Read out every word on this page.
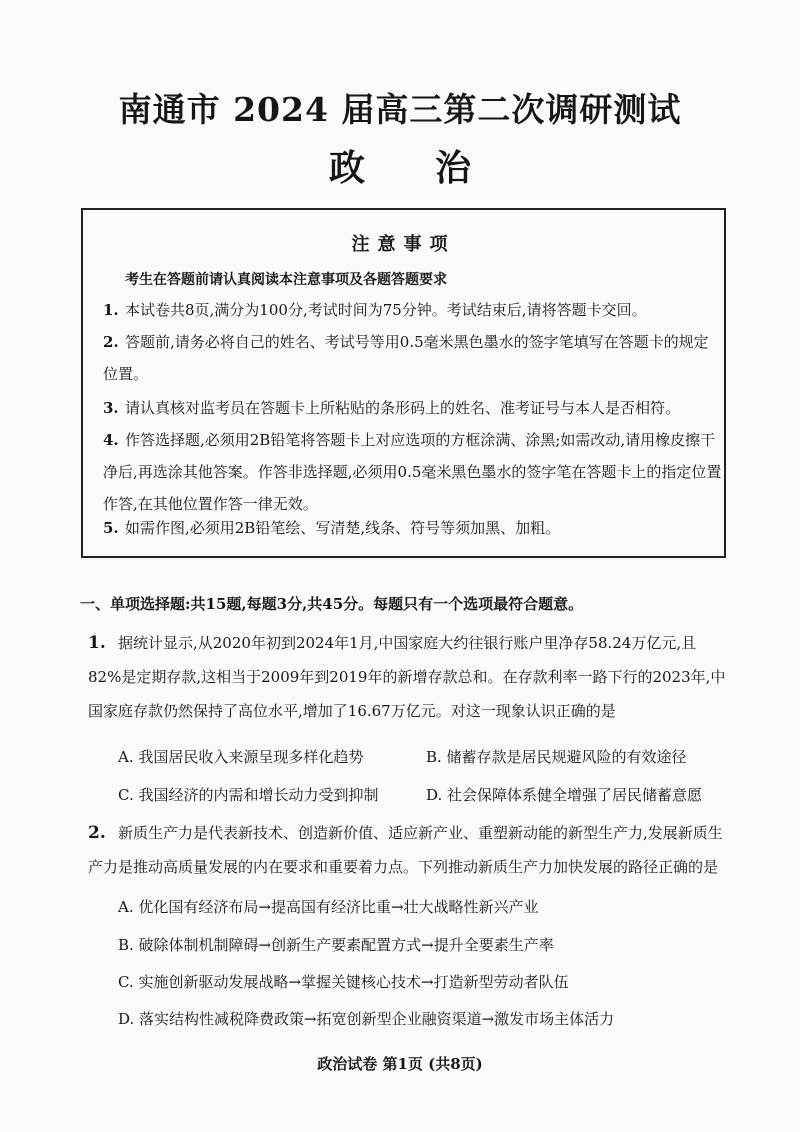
南通市 2024 届高三第二次调研测试
政治
注意事项
考生在答题前请认真阅读本注意事项及各题答题要求
1. 本试卷共8页,满分为100分,考试时间为75分钟。考试结束后,请将答题卡交回。
2. 答题前,请务必将自己的姓名、考试号等用0.5毫米黑色墨水的签字笔填写在答题卡的规定位置。
3. 请认真核对监考员在答题卡上所粘贴的条形码上的姓名、准考证号与本人是否相符。
4. 作答选择题,必须用2B铅笔将答题卡上对应选项的方框涂满、涂黑;如需改动,请用橡皮擦干净后,再选涂其他答案。作答非选择题,必须用0.5毫米黑色墨水的签字笔在答题卡上的指定位置作答,在其他位置作答一律无效。
5. 如需作图,必须用2B铅笔绘、写清楚,线条、符号等须加黑、加粗。
一、单项选择题:共15题,每题3分,共45分。每题只有一个选项最符合题意。
1. 据统计显示,从2020年初到2024年1月,中国家庭大约往银行账户里净存58.24万亿元,且82%是定期存款,这相当于2009年到2019年的新增存款总和。在存款利率一路下行的2023年,中国家庭存款仍然保持了高位水平,增加了16.67万亿元。对这一现象认识正确的是
A. 我国居民收入来源呈现多样化趋势	B. 储蓄存款是居民规避风险的有效途径
C. 我国经济的内需和增长动力受到抑制	D. 社会保障体系健全增强了居民储蓄意愿
2. 新质生产力是代表新技术、创造新价值、适应新产业、重塑新动能的新型生产力,发展新质生产力是推动高质量发展的内在要求和重要着力点。下列推动新质生产力加快发展的路径正确的是
A. 优化国有经济布局→提高国有经济比重→壮大战略性新兴产业
B. 破除体制机制障碍→创新生产要素配置方式→提升全要素生产率
C. 实施创新驱动发展战略→掌握关键核心技术→打造新型劳动者队伍
D. 落实结构性减税降费政策→拓宽创新型企业融资渠道→激发市场主体活力
政治试卷 第1页 (共8页)
